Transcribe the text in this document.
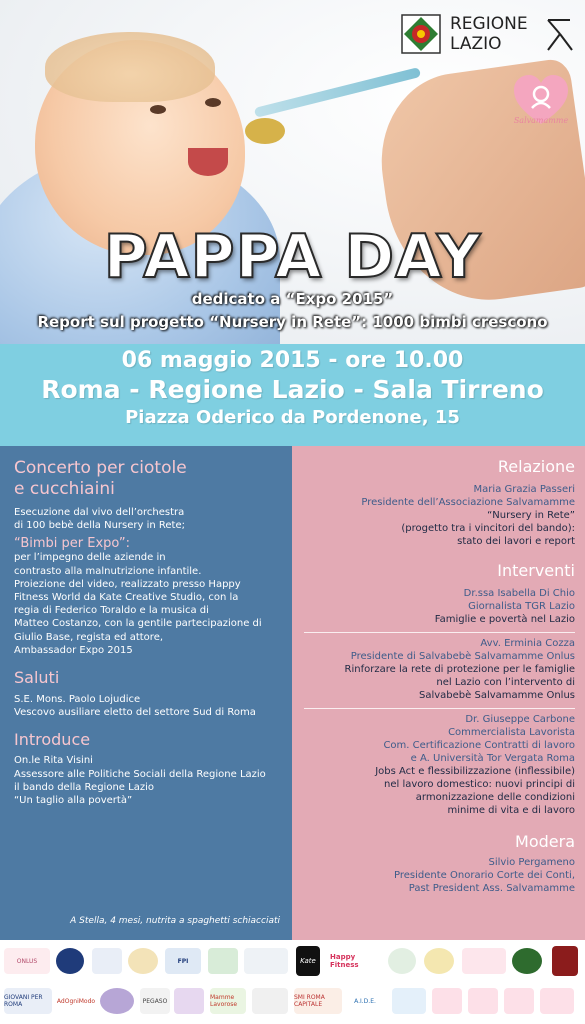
REGIONE
LAZIO
Salvamamme
PAPPA DAY
dedicato a “Expo 2015”
Report sul progetto “Nursery in Rete”: 1000 bimbi crescono
06 maggio 2015 - ore 10.00
Roma - Regione Lazio - Sala Tirreno
Piazza Oderico da Pordenone, 15

Concerto per ciotole
e cucchiaini

Esecuzione dal vivo dell’orchestra
di 100 bebè della Nursery in Rete;

“Bimbi per Expo”:

per l’impegno delle aziende in
contrasto alla malnutrizione infantile.
Proiezione del video, realizzato presso Happy
Fitness World da Kate Creative Studio, con la
regia di Federico Toraldo e la musica di
Matteo Costanzo, con la gentile partecipazione di
Giulio Base, regista ed attore,
Ambassador Expo 2015

Saluti

S.E. Mons. Paolo Lojudice
Vescovo ausiliare eletto del settore Sud di Roma

Introduce

On.le Rita Visini
Assessore alle Politiche Sociali della Regione Lazio
il bando della Regione Lazio
“Un taglio alla povertà”

A Stella, 4 mesi, nutrita a spaghetti schiacciati

Relazione

Maria Grazia Passeri
Presidente dell’Associazione Salvamamme

“Nursery in Rete”
(progetto tra i vincitori del bando):
stato dei lavori e report

Interventi

Dr.ssa Isabella Di Chio
Giornalista TGR Lazio

Famiglie e povertà nel Lazio

Avv. Erminia Cozza
Presidente di Salvabebè Salvamamme Onlus

Rinforzare la rete di protezione per le famiglie
nel Lazio con l’intervento di
Salvabebè Salvamamme Onlus

Dr. Giuseppe Carbone
Commercialista Lavorista
Com. Certificazione Contratti di lavoro
e A. Università Tor Vergata Roma

Jobs Act e flessibilizzazione (inflessibile)
nel lavoro domestico: nuovi principi di
armonizzazione delle condizioni
minime di vita e di lavoro

Modera

Silvio Pergameno
Presidente Onorario Corte dei Conti,
Past President Ass. Salvamamme

ONLUS	FPI	Kate	Happy Fitness
GIOVANI PER ROMA	AdOgniModo	PEGASO	Mamme Lavorose
SMI ROMA CAPITALE	A.I.D.E.
